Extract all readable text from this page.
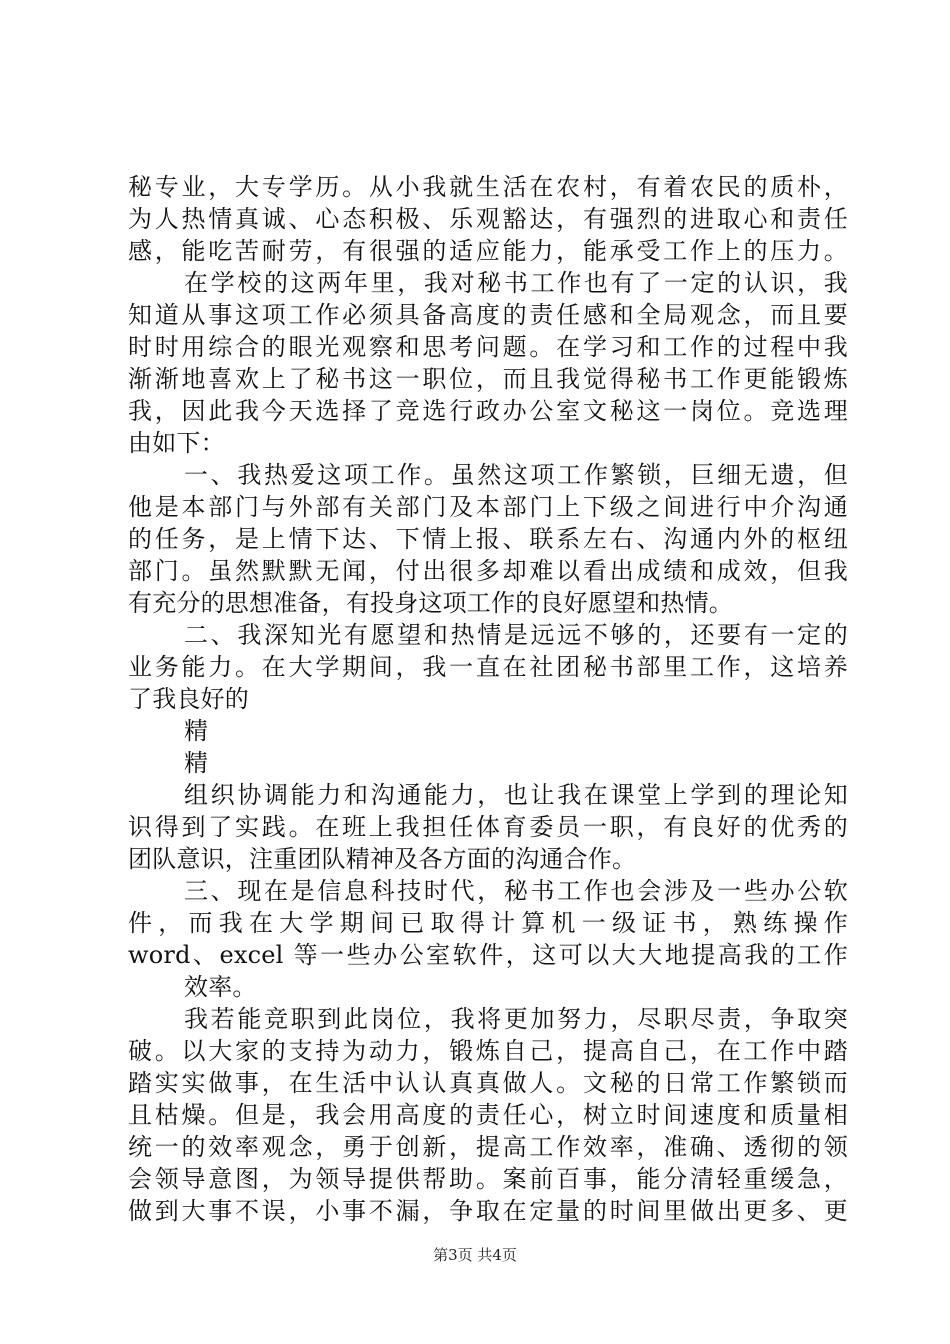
秘专业，大专学历。从小我就生活在农村，有着农民的质朴，
为人热情真诚、心态积极、乐观豁达，有强烈的进取心和责任
感，能吃苦耐劳，有很强的适应能力，能承受工作上的压力。
在学校的这两年里，我对秘书工作也有了一定的认识，我
知道从事这项工作必须具备高度的责任感和全局观念，而且要
时时用综合的眼光观察和思考问题。在学习和工作的过程中我
渐渐地喜欢上了秘书这一职位，而且我觉得秘书工作更能锻炼
我，因此我今天选择了竞选行政办公室文秘这一岗位。竞选理
由如下：
一、我热爱这项工作。虽然这项工作繁锁，巨细无遗，但
他是本部门与外部有关部门及本部门上下级之间进行中介沟通
的任务，是上情下达、下情上报、联系左右、沟通内外的枢纽
部门。虽然默默无闻，付出很多却难以看出成绩和成效，但我
有充分的思想准备，有投身这项工作的良好愿望和热情。
二、我深知光有愿望和热情是远远不够的，还要有一定的
业务能力。在大学期间，我一直在社团秘书部里工作，这培养
了我良好的
精
精
组织协调能力和沟通能力，也让我在课堂上学到的理论知
识得到了实践。在班上我担任体育委员一职，有良好的优秀的
团队意识，注重团队精神及各方面的沟通合作。
三、现在是信息科技时代，秘书工作也会涉及一些办公软
件，而我在大学期间已取得计算机一级证书，熟练操作
word、excel 等一些办公室软件，这可以大大地提高我的工作
效率。
我若能竞职到此岗位，我将更加努力，尽职尽责，争取突
破。以大家的支持为动力，锻炼自己，提高自己，在工作中踏
踏实实做事，在生活中认认真真做人。文秘的日常工作繁锁而
且枯燥。但是，我会用高度的责任心，树立时间速度和质量相
统一的效率观念，勇于创新，提高工作效率，准确、透彻的领
会领导意图，为领导提供帮助。案前百事，能分清轻重缓急，
做到大事不误，小事不漏，争取在定量的时间里做出更多、更
第3页 共4页
